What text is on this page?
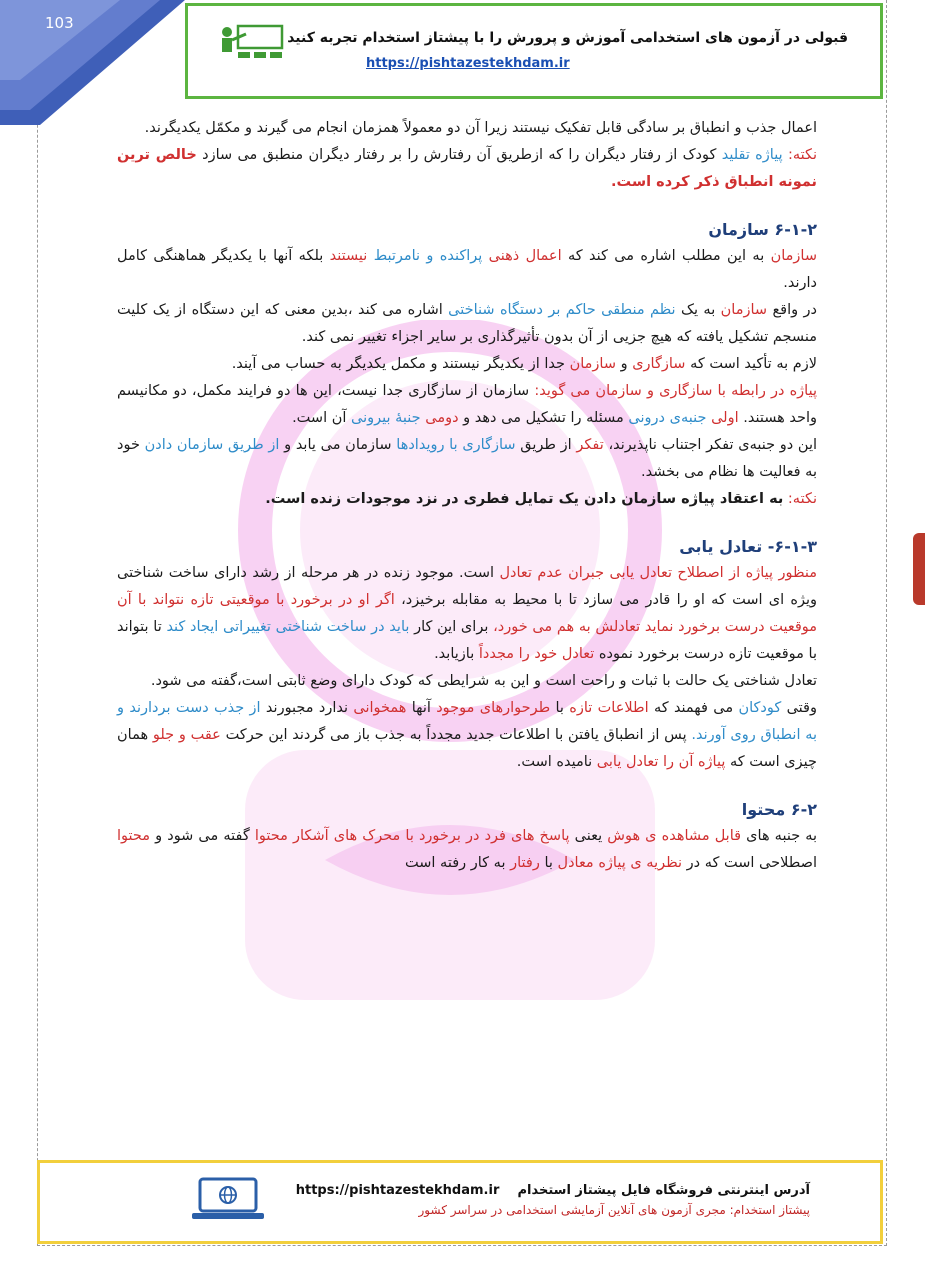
103
قبولی در آزمون های استخدامی آموزش و پرورش را با پیشتاز استخدام تجربه کنید
https://pishtazestekhdam.ir

اعمال جذب و انطباق بر سادگی قابل تفکیک نیستند زیرا آن دو معمولاً همزمان انجام می گیرند و مکمّل یکدیگرند.

نکته: پیاژه تقلید کودک از رفتار دیگران را که ازطریق آن رفتارش را بر رفتار دیگران منطبق می سازد خالص ترین نمونه انطباق ذکر کرده است.

۶-۱-۲ سازمان

سازمان به این مطلب اشاره می کند که اعمال ذهنی پراکنده و نامرتبط نیستند بلکه آنها با یکدیگر هماهنگی کامل دارند.

در واقع سازمان به یک نظم منطقی حاکم بر دستگاه شناختی اشاره می کند ،بدین معنی که این دستگاه از یک کلیت منسجم تشکیل یافته که هیچ جزیی از آن بدون تأثیرگذاری بر سایر اجزاء تغییر نمی کند.

لازم به تأکید است که سازگاری و سازمان جدا از یکدیگر نیستند و مکمل یکدیگر به حساب می آیند.

پیاژه در رابطه با سازگاری و سازمان می گوید: سازمان از سازگاری جدا نیست، این ها دو فرایند مکمل، دو مکانیسم واحد هستند. اولی جنبه‌ی درونی مسئله را تشکیل می دهد و دومی جنبهٔ بیرونی آن است.

این دو جنبه‌ی تفکر اجتناب ناپذیرند، تفکر از طریق سازگاری با رویدادها سازمان می یابد و از طریق سازمان دادن خود به فعالیت ها نظام می بخشد.

نکته: به اعتقاد پیاژه سازمان دادن یک تمایل فطری در نزد موجودات زنده است.

۶-۱-۳- تعادل یابی

منظور پیاژه از اصطلاح تعادل یابی جبران عدم تعادل است. موجود زنده در هر مرحله از رشد دارای ساخت شناختی ویژه ای است که او را قادر می سازد تا با محیط به مقابله برخیزد، اگر او در برخورد با موقعیتی تازه نتواند با آن موقعیت درست برخورد نماید تعادلش به هم می خورد، برای این کار باید در ساخت شناختی تغییراتی ایجاد کند تا بتواند با موقعیت تازه درست برخورد نموده تعادل خود را مجدداً بازیابد.

تعادل شناختی یک حالت با ثبات و راحت است و این به شرایطی که کودک دارای وضع ثابتی است،گفته می شود.

وقتی کودکان می فهمند که اطلاعات تازه با طرحوارهای موجود آنها همخوانی ندارد مجبورند از جذب دست بردارند و به انطباق روی آورند. پس از انطباق یافتن با اطلاعات جدید مجدداً به جذب باز می گردند این حرکت عقب و جلو همان چیزی است که پیاژه آن را تعادل یابی نامیده است.

۶-۲ محتوا

به جنبه های قابل مشاهده ی هوش یعنی پاسخ های فرد در برخورد با محرک های آشکار محتوا گفته می شود و محتوا اصطلاحی است که در نظریه ی پیاژه معادل با رفتار به کار رفته است

آدرس اینترنتی فروشگاه فایل پیشتاز استخدام    https://pishtazestekhdam.ir
پیشتاز استخدام: مجری آزمون های آنلاین آزمایشی استخدامی در سراسر کشور
